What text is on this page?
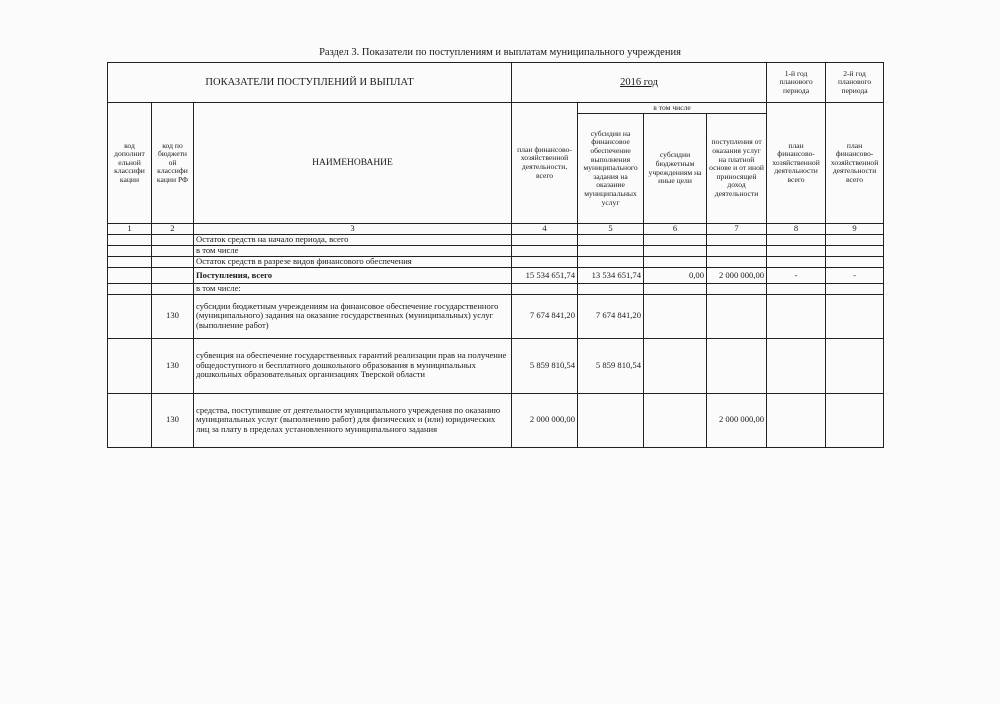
Раздел 3. Показатели по поступлениям и выплатам муниципального учреждения
ПОКАЗАТЕЛИ ПОСТУПЛЕНИЙ И ВЫПЛАТ			2016 год				1-й год планового периода	2-й год планового периода
код дополнит ельной классифи кации	код по бюджетн ой классифи кации РФ	НАИМЕНОВАНИЕ	план финансово-хозяйственной деятельности, всего	в том числе			план финансово-хозяйственной деятельности всего	план финансово-хозяйственной деятельности всего
				субсидии на финансовое обеспечение выполнения муниципального задания на оказание муниципальных услуг	субсидии бюджетным учреждениям на иные цели	поступления от оказания услуг на платной основе и от иной приносящей доход деятельности		
1	2	3	4	5	6	7	8	9
		Остаток средств на начало периода, всего						
		в том числе						
		Остаток средств в разрезе видов финансового обеспечения						
		Поступления, всего	15 534 651,74	13 534 651,74	0,00	2 000 000,00	-	-
		в том числе:						
	130	субсидии бюджетным учреждениям на финансовое обеспечение государственного (муниципального) задания на оказание государственных (муниципальных) услуг (выполнение работ)	7 674 841,20	7 674 841,20				
	130	субвенция на обеспечение государственных гарантий реализации прав на получение общедоступного и бесплатного дошкольного образования в муниципальных дошкольных образовательных организациях Тверской области	5 859 810,54	5 859 810,54				
	130	средства, поступившие от деятельности муниципального учреждения по оказанию муниципальных услуг (выполнению работ) для физических и (или) юридических лиц за плату в пределах установленного муниципального задания	2 000 000,00			2 000 000,00		
